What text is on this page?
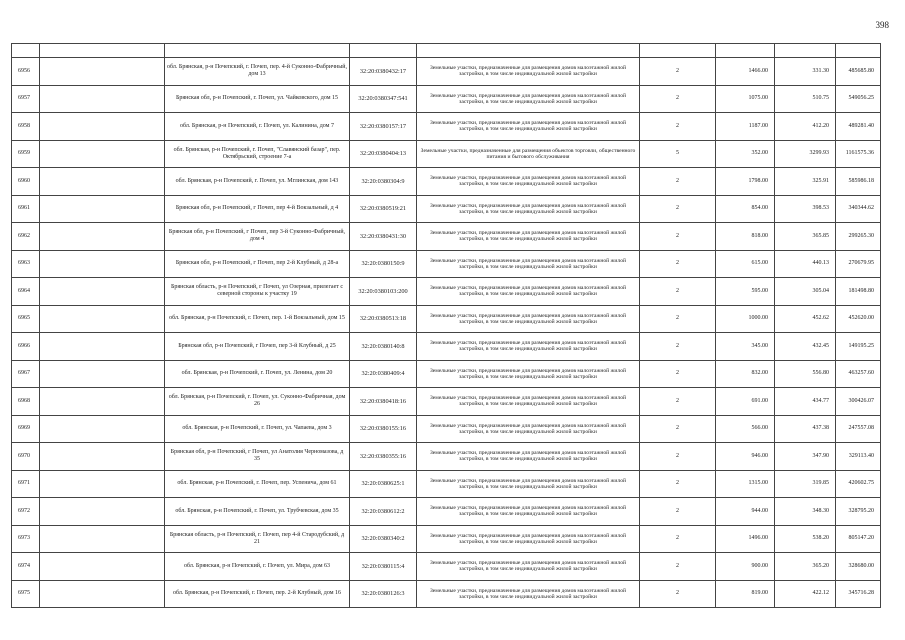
398

6956		обл. Брянская, р-н Почепский, г. Почеп, пер. 4-й Суконно-Фабричный, дом 13	32:20:0380432:17	Земельные участки, предназначенные для размещения домов малоэтажной жилой застройки, в том числе индивидуальной жилой застройки	2	1466.00	331.30	485685.80
6957		Брянская обл, р-н Почепский, г. Почеп, ул. Чайковского, дом 15	32:20:0380347:541	Земельные участки, предназначенные для размещения домов малоэтажной жилой застройки, в том числе индивидуальной жилой застройки	2	1075.00	510.75	549056.25
6958		обл. Брянская, р-н Почепский, г. Почеп, ул. Калинина, дом 7	32:20:0380157:17	Земельные участки, предназначенные для размещения домов малоэтажной жилой застройки, в том числе индивидуальной жилой застройки	2	1187.00	412.20	489281.40
6959		обл. Брянская, р-н Почепский, г. Почеп, "Славянский базар", пер. Октябрьский, строение 7-а	32:20:0380404:13	Земельные участки, предназначенные для размещения объектов торговли, общественного питания и бытового обслуживания	5	352.00	3299.93	1161575.36
6960		обл. Брянская, р-н Почепский, г. Почеп, ул. Мглинская, дом 143	32:20:0380304:9	Земельные участки, предназначенные для размещения домов малоэтажной жилой застройки, в том числе индивидуальной жилой застройки	2	1798.00	325.91	585986.18
6961		Брянская обл, р-н Почепский, г Почеп, пер 4-й Вокзальный, д 4	32:20:0380519:21	Земельные участки, предназначенные для размещения домов малоэтажной жилой застройки, в том числе индивидуальной жилой застройки	2	854.00	398.53	340344.62
6962		Брянская обл, р-н Почепский, г Почеп, пер 3-й Суконно-Фабричный, дом 4	32:20:0380431:30	Земельные участки, предназначенные для размещения домов малоэтажной жилой застройки, в том числе индивидуальной жилой застройки	2	818.00	365.85	299265.30
6963		Брянская обл, р-н Почепский, г Почеп, пер 2-й Клубный, д 28-а	32:20:0380150:9	Земельные участки, предназначенные для размещения домов малоэтажной жилой застройки, в том числе индивидуальной жилой застройки	2	615.00	440.13	270679.95
6964		Брянская область, р-н Почепский, г Почеп, ул Озерная, прилегает с северной стороны к участку 19	32:20:0380103:200	Земельные участки, предназначенные для размещения домов малоэтажной жилой застройки, в том числе индивидуальной жилой застройки	2	595.00	305.04	181498.80
6965		обл. Брянская, р-н Почепский, г. Почеп, пер. 1-й Вокзальный, дом 15	32:20:0380513:18	Земельные участки, предназначенные для размещения домов малоэтажной жилой застройки, в том числе индивидуальной жилой застройки	2	1000.00	452.62	452620.00
6966		Брянская обл, р-н Почепский, г Почеп, пер 3-й Клубный, д 25	32:20:0380140:8	Земельные участки, предназначенные для размещения домов малоэтажной жилой застройки, в том числе индивидуальной жилой застройки	2	345.00	432.45	149195.25
6967		обл. Брянская, р-н Почепский, г. Почеп, ул. Ленина, дом 20	32:20:0380409:4	Земельные участки, предназначенные для размещения домов малоэтажной жилой застройки, в том числе индивидуальной жилой застройки	2	832.00	556.80	463257.60
6968		обл. Брянская, р-н Почепский, г. Почеп, ул. Суконно-Фабричная, дом 26	32:20:0380418:16	Земельные участки, предназначенные для размещения домов малоэтажной жилой застройки, в том числе индивидуальной жилой застройки	2	691.00	434.77	300426.07
6969		обл. Брянская, р-н Почепский, г. Почеп, ул. Чапаева, дом 3	32:20:0380155:16	Земельные участки, предназначенные для размещения домов малоэтажной жилой застройки, в том числе индивидуальной жилой застройки	2	566.00	437.38	247557.08
6970		Брянская обл, р-н Почепский, г Почеп, ул Анатолия Черномазова, д 35	32:20:0380355:16	Земельные участки, предназначенные для размещения домов малоэтажной жилой застройки, в том числе индивидуальной жилой застройки	2	946.00	347.90	329113.40
6971		обл. Брянская, р-н Почепский, г. Почеп, пер. Успенича, дом 61	32:20:0380625:1	Земельные участки, предназначенные для размещения домов малоэтажной жилой застройки, в том числе индивидуальной жилой застройки	2	1315.00	319.85	420602.75
6972		обл. Брянская, р-н Почепский, г. Почеп, ул. Трубчевская, дом 35	32:20:0380612:2	Земельные участки, предназначенные для размещения домов малоэтажной жилой застройки, в том числе индивидуальной жилой застройки	2	944.00	348.30	328795.20
6973		Брянская область, р-н Почепский, г. Почеп, пер 4-й Стародубский, д 21	32:20:0380340:2	Земельные участки, предназначенные для размещения домов малоэтажной жилой застройки, в том числе индивидуальной жилой застройки	2	1496.00	538.20	805147.20
6974		обл. Брянская, р-н Почепский, г. Почеп, ул. Мира, дом 63	32:20:0380115:4	Земельные участки, предназначенные для размещения домов малоэтажной жилой застройки, в том числе индивидуальной жилой застройки	2	900.00	365.20	328680.00
6975		обл. Брянская, р-н Почепский, г. Почеп, пер. 2-й Клубный, дом 16	32:20:0380126:3	Земельные участки, предназначенные для размещения домов малоэтажной жилой застройки, в том числе индивидуальной жилой застройки	2	819.00	422.12	345716.28
